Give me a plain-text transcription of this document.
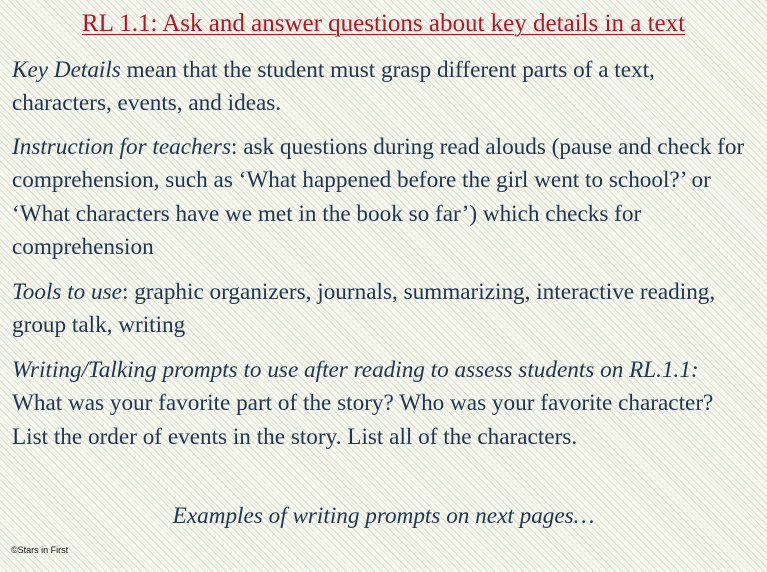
RL 1.1: Ask and answer questions about key details in a text

Key Details mean that the student must grasp different parts of a text, characters, events, and ideas.

Instruction for teachers: ask questions during read alouds (pause and check for comprehension, such as ‘What happened before the girl went to school?’ or ‘What characters have we met in the book so far’) which checks for comprehension

Tools to use: graphic organizers, journals, summarizing, interactive reading, group talk, writing

Writing/Talking prompts to use after reading to assess students on RL.1.1: What was your favorite part of the story? Who was your favorite character? List the order of events in the story. List all of the characters.

Examples of writing prompts on next pages…
©Stars in First
